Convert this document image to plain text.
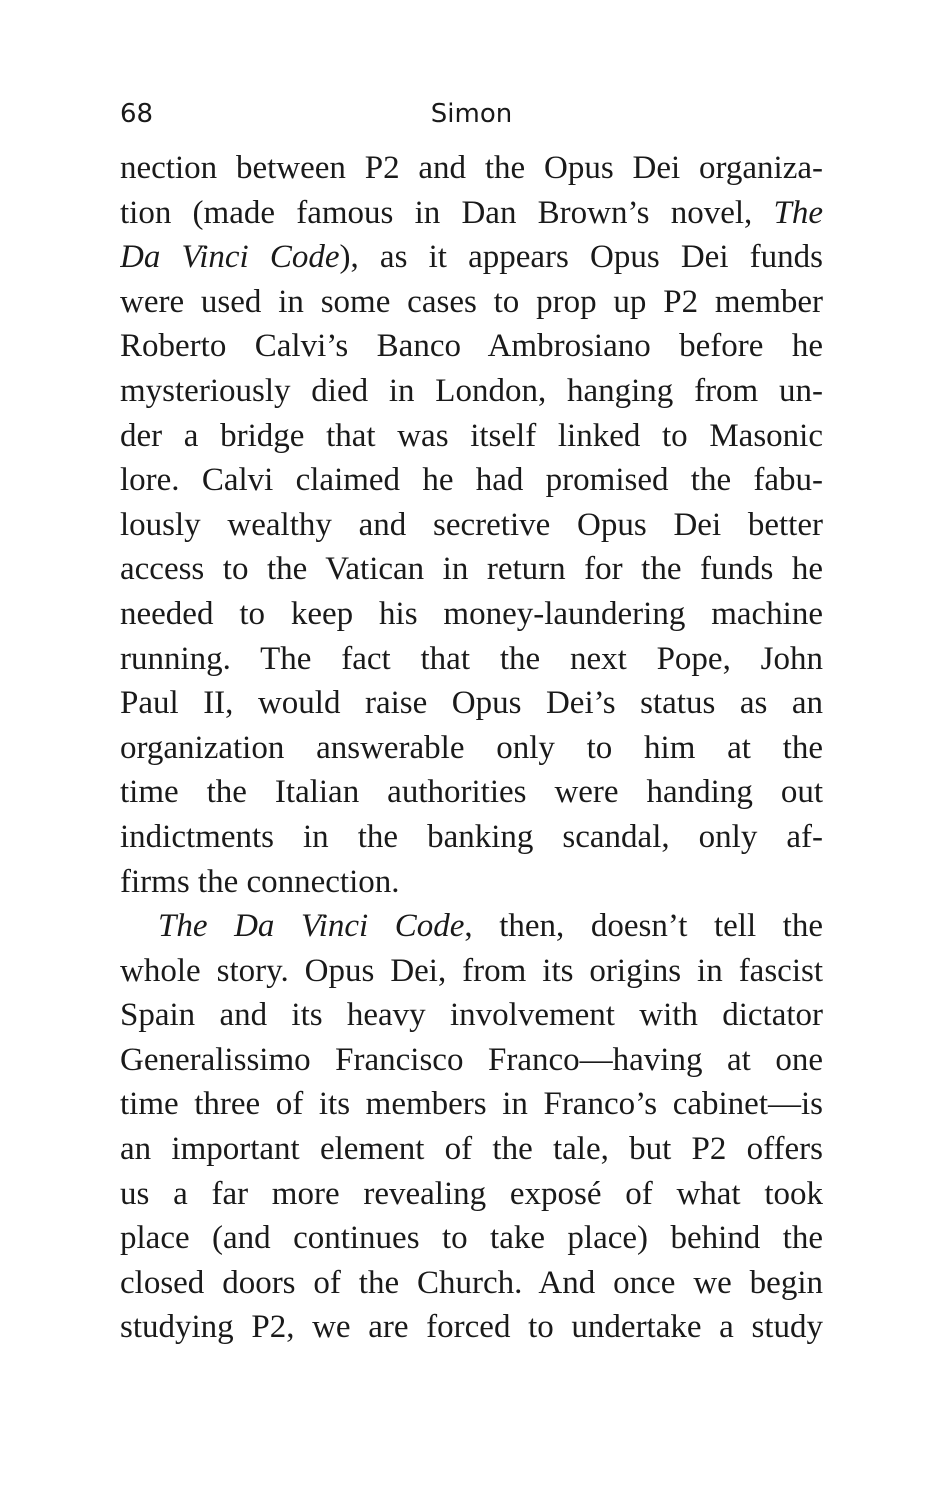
68	Simon
nection between P2 and the Opus Dei organiza-
tion (made famous in Dan Brown’s novel, The
Da Vinci Code), as it appears Opus Dei funds
were used in some cases to prop up P2 member
Roberto Calvi’s Banco Ambrosiano before he
mysteriously died in London, hanging from un-
der a bridge that was itself linked to Masonic
lore. Calvi claimed he had promised the fabu-
lously wealthy and secretive Opus Dei better
access to the Vatican in return for the funds he
needed to keep his money-laundering machine
running. The fact that the next Pope, John
Paul II, would raise Opus Dei’s status as an
organization answerable only to him at the
time the Italian authorities were handing out
indictments in the banking scandal, only af-
firms the connection.
The Da Vinci Code, then, doesn’t tell the
whole story. Opus Dei, from its origins in fascist
Spain and its heavy involvement with dictator
Generalissimo Francisco Franco—having at one
time three of its members in Franco’s cabinet—is
an important element of the tale, but P2 offers
us a far more revealing exposé of what took
place (and continues to take place) behind the
closed doors of the Church. And once we begin
studying P2, we are forced to undertake a study
